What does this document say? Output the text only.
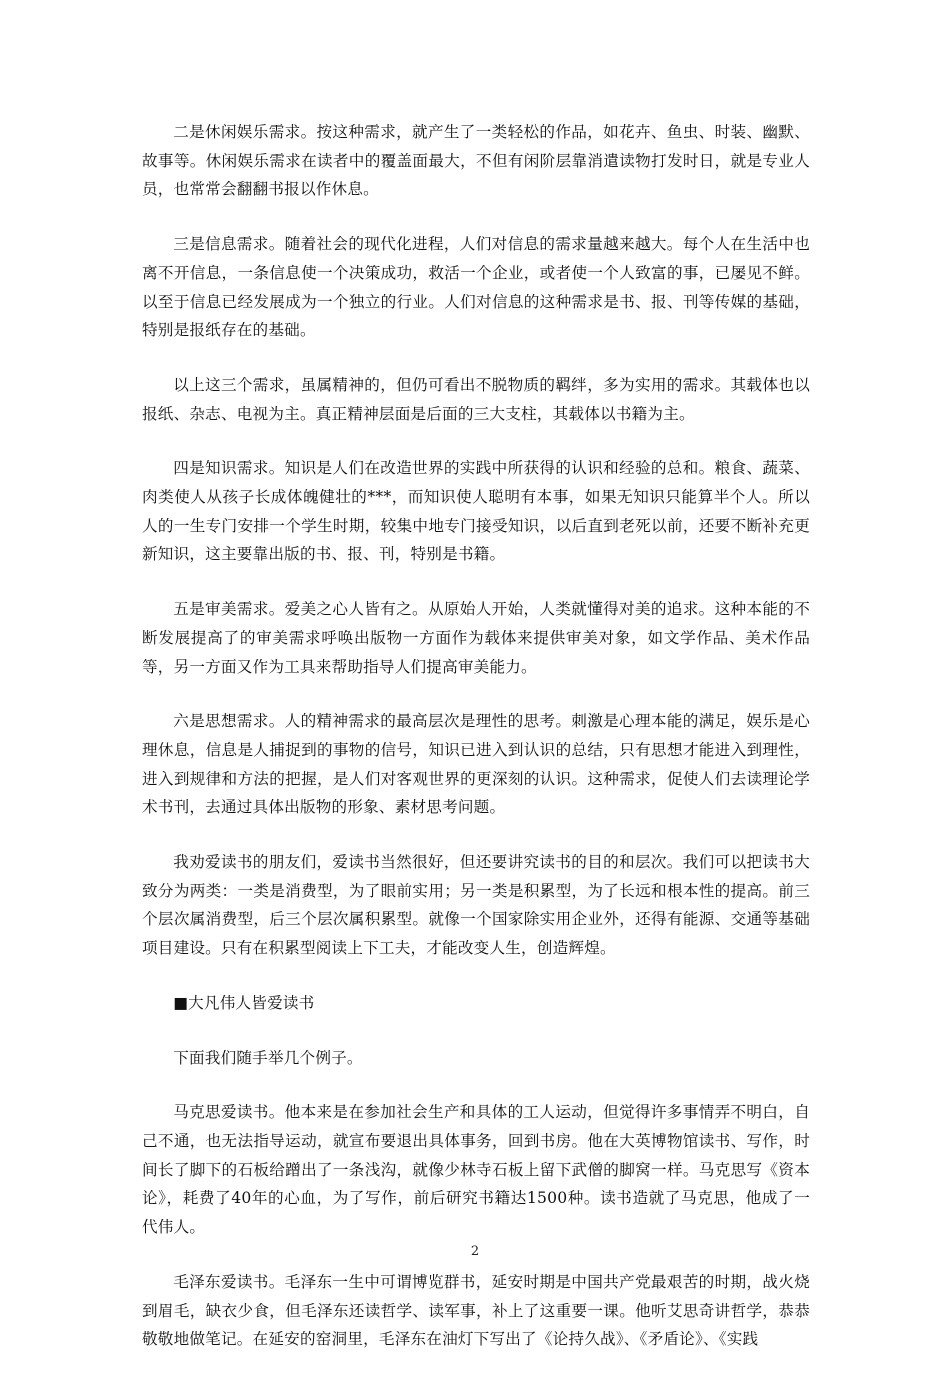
二是休闲娱乐需求。按这种需求，就产生了一类轻松的作品，如花卉、鱼虫、时装、幽默、故事等。休闲娱乐需求在读者中的覆盖面最大，不但有闲阶层靠消遣读物打发时日，就是专业人员，也常常会翻翻书报以作休息。

三是信息需求。随着社会的现代化进程，人们对信息的需求量越来越大。每个人在生活中也离不开信息，一条信息使一个决策成功，救活一个企业，或者使一个人致富的事，已屡见不鲜。以至于信息已经发展成为一个独立的行业。人们对信息的这种需求是书、报、刊等传媒的基础，特别是报纸存在的基础。

以上这三个需求，虽属精神的，但仍可看出不脱物质的羁绊，多为实用的需求。其载体也以报纸、杂志、电视为主。真正精神层面是后面的三大支柱，其载体以书籍为主。

四是知识需求。知识是人们在改造世界的实践中所获得的认识和经验的总和。粮食、蔬菜、肉类使人从孩子长成体魄健壮的***，而知识使人聪明有本事，如果无知识只能算半个人。所以人的一生专门安排一个学生时期，较集中地专门接受知识，以后直到老死以前，还要不断补充更新知识，这主要靠出版的书、报、刊，特别是书籍。

五是审美需求。爱美之心人皆有之。从原始人开始，人类就懂得对美的追求。这种本能的不断发展提高了的审美需求呼唤出版物一方面作为载体来提供审美对象，如文学作品、美术作品等，另一方面又作为工具来帮助指导人们提高审美能力。

六是思想需求。人的精神需求的最高层次是理性的思考。刺激是心理本能的满足，娱乐是心理休息，信息是人捕捉到的事物的信号，知识已进入到认识的总结，只有思想才能进入到理性，进入到规律和方法的把握，是人们对客观世界的更深刻的认识。这种需求，促使人们去读理论学术书刊，去通过具体出版物的形象、素材思考问题。

我劝爱读书的朋友们，爱读书当然很好，但还要讲究读书的目的和层次。我们可以把读书大致分为两类：一类是消费型，为了眼前实用；另一类是积累型，为了长远和根本性的提高。前三个层次属消费型，后三个层次属积累型。就像一个国家除实用企业外，还得有能源、交通等基础项目建设。只有在积累型阅读上下工夫，才能改变人生，创造辉煌。

■大凡伟人皆爱读书

下面我们随手举几个例子。

马克思爱读书。他本来是在参加社会生产和具体的工人运动，但觉得许多事情弄不明白，自己不通，也无法指导运动，就宣布要退出具体事务，回到书房。他在大英博物馆读书、写作，时间长了脚下的石板给蹭出了一条浅沟，就像少林寺石板上留下武僧的脚窝一样。马克思写《资本论》，耗费了40年的心血，为了写作，前后研究书籍达1500种。读书造就了马克思，他成了一代伟人。

毛泽东爱读书。毛泽东一生中可谓博览群书，延安时期是中国共产党最艰苦的时期，战火烧到眉毛，缺衣少食，但毛泽东还读哲学、读军事，补上了这重要一课。他听艾思奇讲哲学，恭恭敬敬地做笔记。在延安的窑洞里，毛泽东在油灯下写出了《论持久战》、《矛盾论》、《实践

2
